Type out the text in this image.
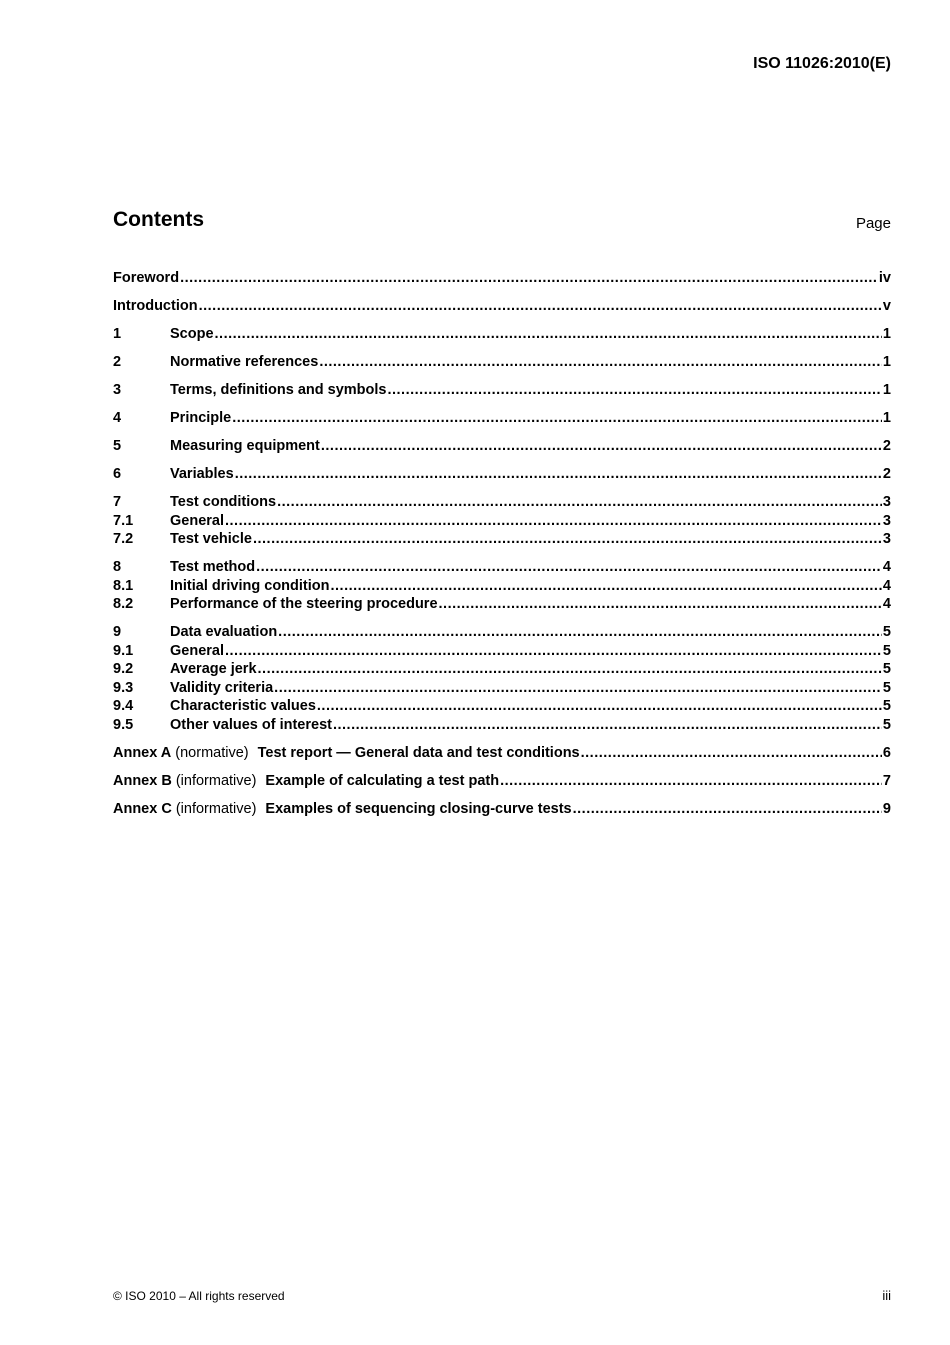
ISO 11026:2010(E)
Contents	Page
Foreword .....	iv
Introduction .....	v
1	Scope .....	1
2	Normative references .....	1
3	Terms, definitions and symbols .....	1
4	Principle .....	1
5	Measuring equipment .....	2
6	Variables .....	2
7	Test conditions .....	3
7.1	General .....	3
7.2	Test vehicle .....	3
8	Test method .....	4
8.1	Initial driving condition .....	4
8.2	Performance of the steering procedure .....	4
9	Data evaluation .....	5
9.1	General .....	5
9.2	Average jerk .....	5
9.3	Validity criteria .....	5
9.4	Characteristic values .....	5
9.5	Other values of interest .....	5
Annex A (normative) Test report — General data and test conditions .....	6
Annex B (informative) Example of calculating a test path .....	7
Annex C (informative) Examples of sequencing closing-curve tests .....	9
© ISO 2010 – All rights reserved	iii
